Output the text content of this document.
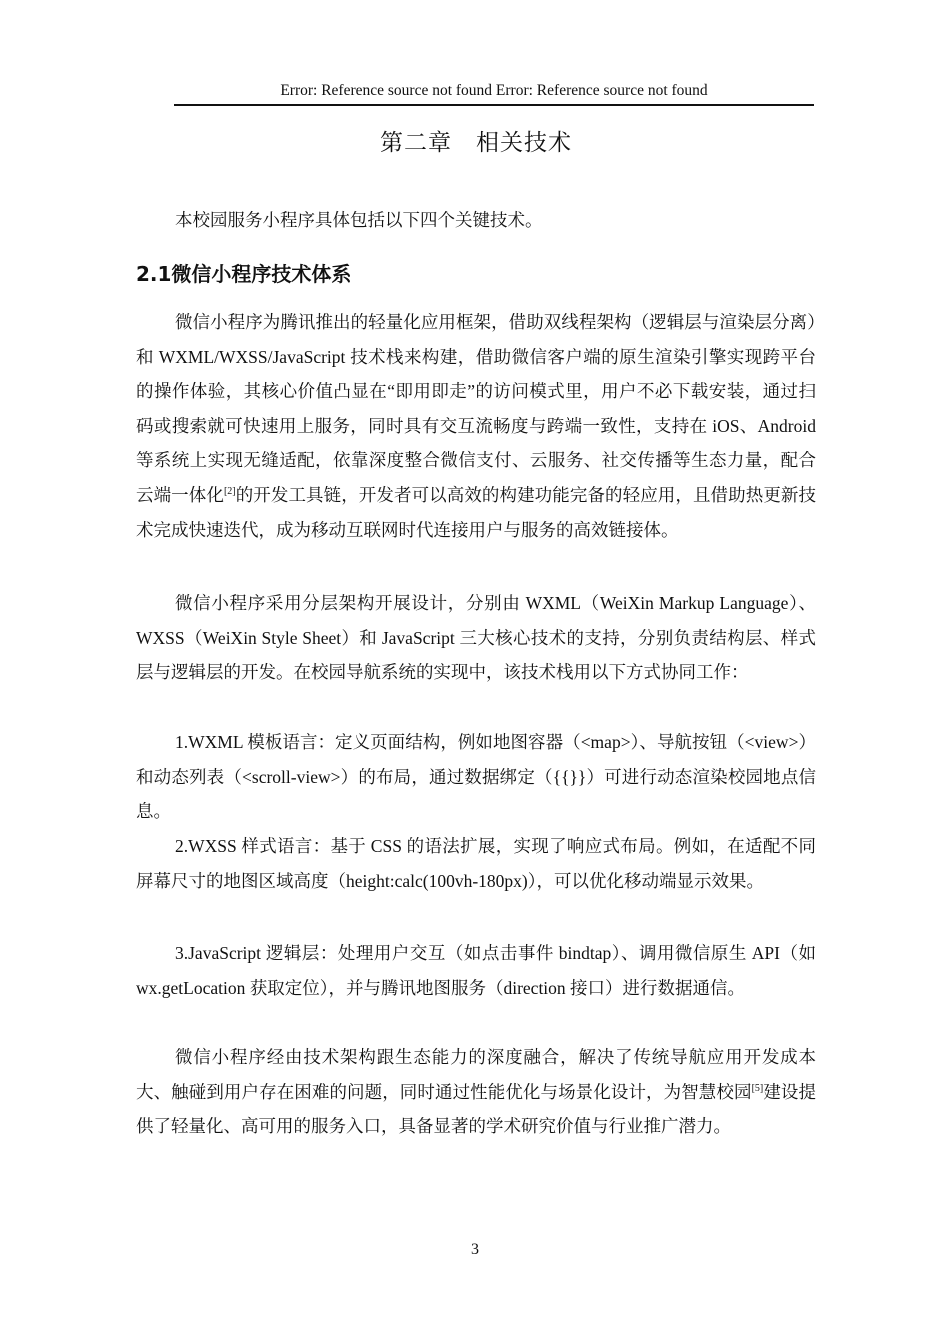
Error: Reference source not found Error: Reference source not found
第二章　相关技术

本校园服务小程序具体包括以下四个关键技术。

2.1微信小程序技术体系

微信小程序为腾讯推出的轻量化应用框架，借助双线程架构（逻辑层与渲染层分离）和 WXML/WXSS/JavaScript 技术栈来构建，借助微信客户端的原生渲染引擎实现跨平台的操作体验，其核心价值凸显在“即用即走”的访问模式里，用户不必下载安装，通过扫码或搜索就可快速用上服务，同时具有交互流畅度与跨端一致性，支持在 iOS、Android 等系统上实现无缝适配，依靠深度整合微信支付、云服务、社交传播等生态力量，配合云端一体化[2]的开发工具链，开发者可以高效的构建功能完备的轻应用，且借助热更新技术完成快速迭代，成为移动互联网时代连接用户与服务的高效链接体。

微信小程序采用分层架构开展设计，分别由 WXML（WeiXin Markup Language）、WXSS（WeiXin Style Sheet）和 JavaScript 三大核心技术的支持，分别负责结构层、样式层与逻辑层的开发。在校园导航系统的实现中，该技术栈用以下方式协同工作：

1.WXML 模板语言：定义页面结构，例如地图容器（<map>）、导航按钮（<view>）和动态列表（<scroll-view>）的布局，通过数据绑定（{{}}）可进行动态渲染校园地点信息。

2.WXSS 样式语言：基于 CSS 的语法扩展，实现了响应式布局。例如，在适配不同屏幕尺寸的地图区域高度（height:calc(100vh-180px)），可以优化移动端显示效果。

3.JavaScript 逻辑层：处理用户交互（如点击事件 bindtap）、调用微信原生 API（如 wx.getLocation 获取定位），并与腾讯地图服务（direction 接口）进行数据通信。

微信小程序经由技术架构跟生态能力的深度融合，解决了传统导航应用开发成本大、触碰到用户存在困难的问题，同时通过性能优化与场景化设计，为智慧校园[5]建设提供了轻量化、高可用的服务入口，具备显著的学术研究价值与行业推广潜力。

3
